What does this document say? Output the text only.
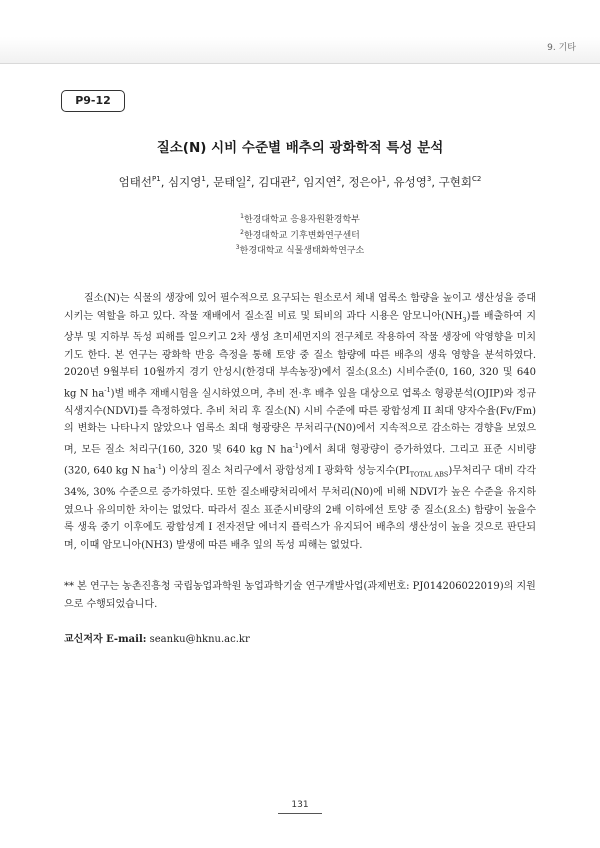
9. 기타
P9-12
질소(N) 시비 수준별 배추의 광화학적 특성 분석
엄태선$^{P1}$, 심지영$^1$, 문태일$^2$, 김대관$^2$, 임지연$^2$, 정은아$^1$, 유성영$^3$, 구현회$^{C2}$
$^1$한경대학교 응용자원환경학부
$^2$한경대학교 기후변화연구센터
$^3$한경대학교 식물생태화학연구소
질소(N)는 식물의 생장에 있어 필수적으로 요구되는 원소로서 체내 엽록소 함량을 높이고 생산성을 증대시키는 역할을 하고 있다. 작물 재배에서 질소질 비료 및 퇴비의 과다 시용은 암모니아$(NH_3)$를 배출하여 지상부 및 지하부 독성 피해를 일으키고 2차 생성 초미세먼지의 전구체로 작용하여 작물 생장에 악영향을 미치기도 한다. 본 연구는 광화학 반응 측정을 통해 토양 중 질소 함량에 따른 배추의 생육 영향을 분석하였다. 2020년 9월부터 10월까지 경기 안성시(한경대 부속농장)에서 질소(요소) 시비수준(0, 160, 320 및 640 kg N $ha^{-1}$)별 배추 재배시험을 실시하였으며, 추비 전·후 배추 잎을 대상으로 엽록소 형광분석(OJIP)와 정규식생지수(NDVI)를 측정하였다. 추비 처리 후 질소(N) 시비 수준에 따른 광합성계 II 최대 양자수율(Fv/Fm)의 변화는 나타나지 않았으나 엽록소 최대 형광량은 무처리구(N0)에서 지속적으로 감소하는 경향을 보였으며, 모든 질소 처리구(160, 320 및 640 kg N $ha^{-1}$)에서 최대 형광량이 증가하였다. 그리고 표준 시비량(320, 640 kg N $ha^{-1}$) 이상의 질소 처리구에서 광합성계 I 광화학 성능지수$(PI_{TOTAL ABS})$무처리구 대비 각각 34%, 30% 수준으로 증가하였다. 또한 질소배량처리에서 무처리(N0)에 비해 NDVI가 높은 수준을 유지하였으나 유의미한 차이는 없었다. 따라서 질소 표준시비량의 2배 이하에선 토양 중 질소(요소) 함량이 높을수록 생육 중기 이후에도 광합성계 I 전자전달 에너지 플럭스가 유지되어 배추의 생산성이 높을 것으로 판단되며, 이때 암모니아(NH3) 발생에 따른 배추 잎의 독성 피해는 없었다.
** 본 연구는 농촌진흥청 국립농업과학원 농업과학기술 연구개발사업(과제번호: PJ014206022019)의 지원으로 수행되었습니다.
교신저자 E-mail: seanku@hknu.ac.kr
131
